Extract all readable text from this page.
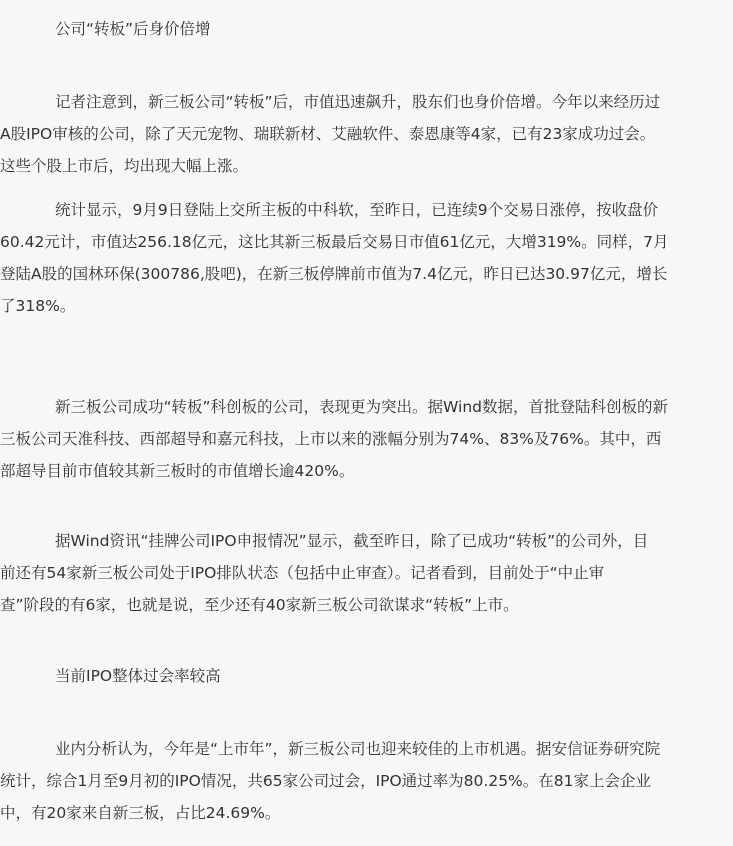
公司“转板”后身价倍增
记者注意到，新三板公司“转板”后，市值迅速飙升，股东们也身价倍增。今年以来经历过
A股IPO审核的公司，除了天元宠物、瑞联新材、艾融软件、泰恩康等4家，已有23家成功过会。
这些个股上市后，均出现大幅上涨。
统计显示，9月9日登陆上交所主板的中科软，至昨日，已连续9个交易日涨停，按收盘价
60.42元计，市值达256.18亿元，这比其新三板最后交易日市值61亿元，大增319%。同样，7月
登陆A股的国林环保(300786,股吧)，在新三板停牌前市值为7.4亿元，昨日已达30.97亿元，增长
了318%。
新三板公司成功“转板”科创板的公司，表现更为突出。据Wind数据，首批登陆科创板的新
三板公司天准科技、西部超导和嘉元科技，上市以来的涨幅分别为74%、83%及76%。其中，西
部超导目前市值较其新三板时的市值增长逾420%。
据Wind资讯“挂牌公司IPO申报情况”显示，截至昨日，除了已成功“转板”的公司外，目
前还有54家新三板公司处于IPO排队状态（包括中止审查）。记者看到，目前处于“中止审
查”阶段的有6家，也就是说，至少还有40家新三板公司欲谋求“转板”上市。
当前IPO整体过会率较高
业内分析认为，今年是“上市年”，新三板公司也迎来较佳的上市机遇。据安信证券研究院
统计，综合1月至9月初的IPO情况，共65家公司过会，IPO通过率为80.25%。在81家上会企业
中，有20家来自新三板，占比24.69%。
